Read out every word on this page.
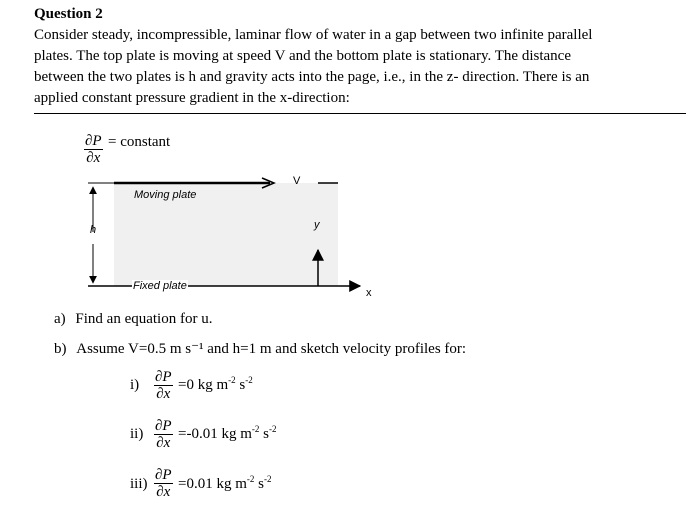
Question 2
Consider steady, incompressible, laminar flow of water in a gap between two infinite parallel
plates. The top plate is moving at speed V and the bottom plate is stationary. The distance
between the two plates is h and gravity acts into the page, i.e., in the z- direction. There is an
applied constant pressure gradient in the x-direction:
$\frac{\partial P}{\partial x}$ = constant
Moving plate
V
h	y
Fixed plate
x
a) Find an equation for u.
b) Assume V=0.5 m s⁻¹ and h=1 m and sketch velocity profiles for:
$i) \frac{\partial P}{\partial x} =0$ kg $m^{-2}$ $s^{-2}$
$ii) \frac{\partial P}{\partial x} =-0.01$ kg $m^{-2}$ $s^{-2}$
$iii) \frac{\partial P}{\partial x} =0.01$ kg $m^{-2}$ $s^{-2}$
